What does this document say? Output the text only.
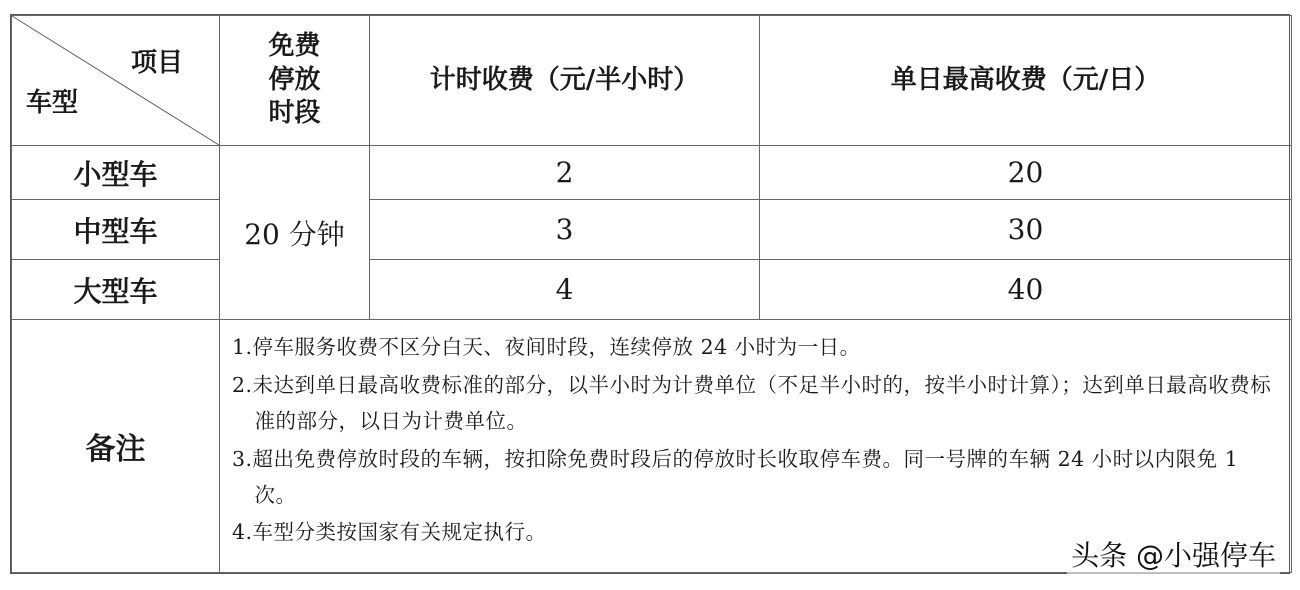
项目
车型	免费停放时段	计时收费（元/半小时）	单日最高收费（元/日）
小型车	20 分钟	2	20
中型车		3	30
大型车		4	40
备注	1.停车服务收费不区分白天、夜间时段，连续停放 24 小时为一日。
2.未达到单日最高收费标准的部分，以半小时为计费单位（不足半小时的，按半小时计算）；达到单日最高收费标准的部分，以日为计费单位。
3.超出免费停放时段的车辆，按扣除免费时段后的停放时长收取停车费。同一号牌的车辆 24 小时以内限免 1 次。
4.车型分类按国家有关规定执行。		
头条 @小强停车
